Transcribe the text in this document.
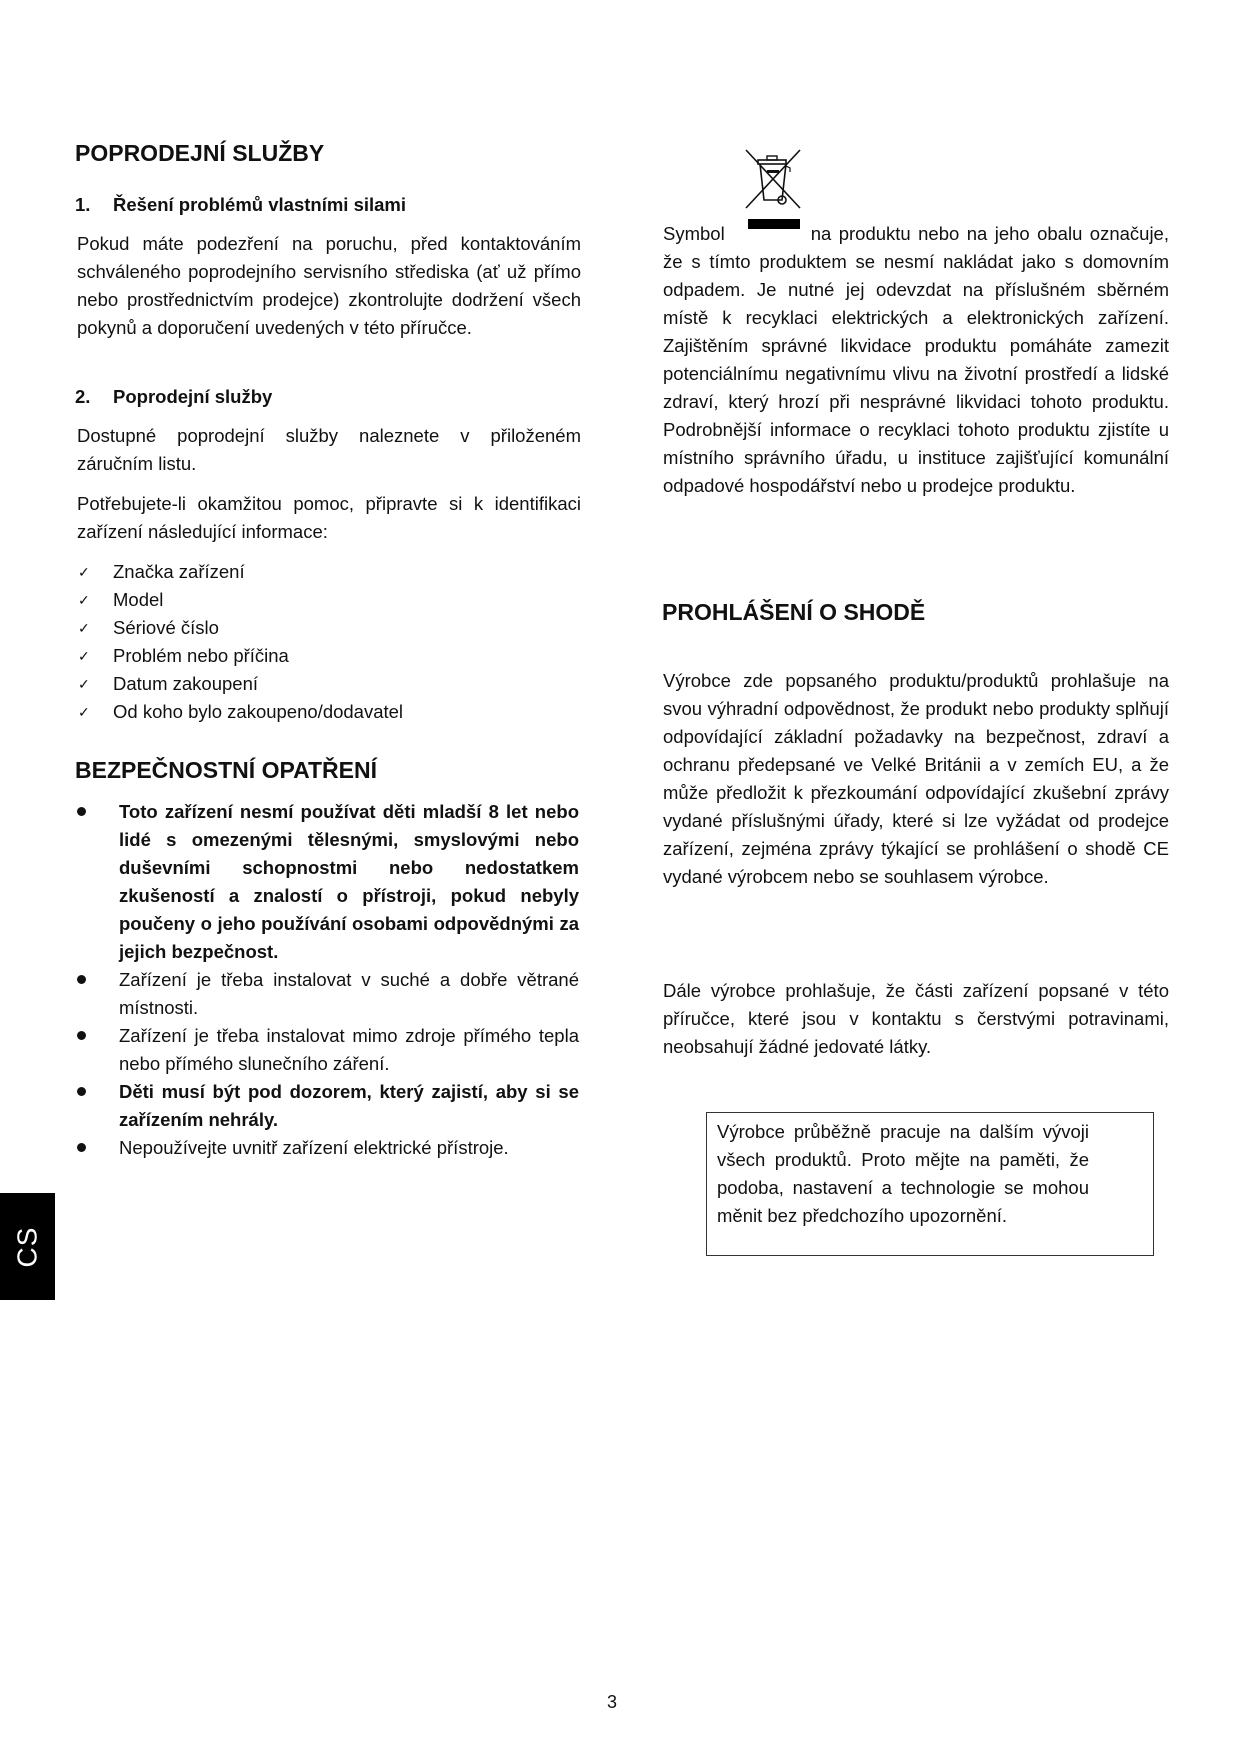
POPRODEJNÍ SLUŽBY
1. Řešení problémů vlastními silami

Pokud máte podezření na poruchu, před kontaktováním schváleného poprodejního servisního střediska (ať už přímo nebo prostřednictvím prodejce) zkontrolujte dodržení všech pokynů a doporučení uvedených v této příručce.

2. Poprodejní služby

Dostupné poprodejní služby naleznete v přiloženém záručním listu.

Potřebujete-li okamžitou pomoc, připravte si k identifikaci zařízení následující informace:

✓ Značka zařízení
✓ Model
✓ Sériové číslo
✓ Problém nebo příčina
✓ Datum zakoupení
✓ Od koho bylo zakoupeno/dodavatel
BEZPEČNOSTNÍ OPATŘENÍ
Toto zařízení nesmí používat děti mladší 8 let nebo lidé s omezenými tělesnými, smyslovými nebo duševními schopnostmi nebo nedostatkem zkušeností a znalostí o přístroji, pokud nebyly poučeny o jeho používání osobami odpovědnými za jejich bezpečnost.
Zařízení je třeba instalovat v suché a dobře větrané místnosti.
Zařízení je třeba instalovat mimo zdroje přímého tepla nebo přímého slunečního záření.
Děti musí být pod dozorem, který zajistí, aby si se zařízením nehrály.
Nepoužívejte uvnitř zařízení elektrické přístroje.

Symbol	na produktu nebo na jeho obalu označuje, že s tímto produktem se nesmí nakládat jako s domovním odpadem. Je nutné jej odevzdat na příslušném sběrném místě k recyklaci elektrických a elektronických zařízení. Zajištěním správné likvidace produktu pomáháte zamezit potenciálnímu negativnímu vlivu na životní prostředí a lidské zdraví, který hrozí při nesprávné likvidaci tohoto produktu. Podrobnější informace o recyklaci tohoto produktu zjistíte u místního správního úřadu, u instituce zajišťující komunální odpadové hospodářství nebo u prodejce produktu.

PROHLÁŠENÍ O SHODĚ

Výrobce zde popsaného produktu/produktů prohlašuje na svou výhradní odpovědnost, že produkt nebo produkty splňují odpovídající základní požadavky na bezpečnost, zdraví a ochranu předepsané ve Velké Británii a v zemích EU, a že může předložit k přezkoumání odpovídající zkušební zprávy vydané příslušnými úřady, které si lze vyžádat od prodejce zařízení, zejména zprávy týkající se prohlášení o shodě CE vydané výrobcem nebo se souhlasem výrobce.

Dále výrobce prohlašuje, že části zařízení popsané v této příručce, které jsou v kontaktu s čerstvými potravinami, neobsahují žádné jedovaté látky.

Výrobce průběžně pracuje na dalším vývoji všech produktů. Proto mějte na paměti, že podoba, nastavení a technologie se mohou měnit bez předchozího upozornění.

CS
3
